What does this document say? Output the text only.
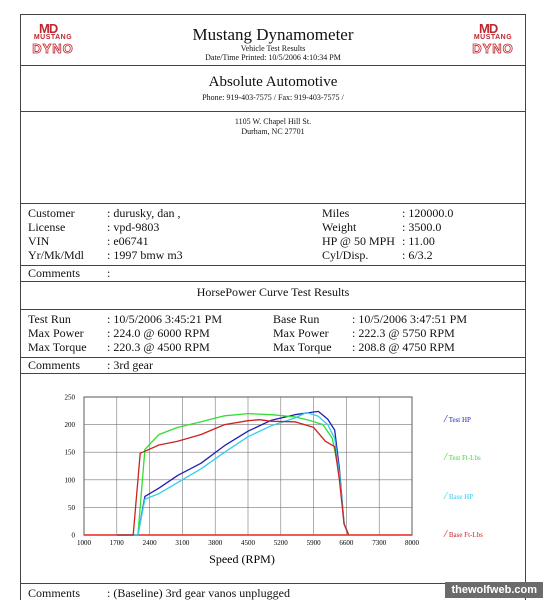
MD
MUSTANG
DYNO
MD
MUSTANG
DYNO
Mustang Dynamometer
Vehicle Test Results
Date/Time Printed: 10/5/2006 4:10:34 PM
Absolute Automotive
Phone: 919-403-7575 / Fax: 919-403-7575 /
1105 W. Chapel Hill St.
Durham, NC 27701
Customer	: durusky, dan ,
License	: vpd-9803
VIN	: e06741
Yr/Mk/Mdl : 1997 bmw m3
Miles	: 120000.0
Weight	: 3500.0
HP @ 50 MPH : 11.00
Cyl/Disp.	: 6/3.2
Comments :
HorsePower Curve Test Results
Test Run	: 10/5/2006 3:45:21 PM
Max Power : 224.0 @ 6000 RPM
Max Torque : 220.3 @ 4500 RPM
Base Run	: 10/5/2006 3:47:51 PM
Max Power : 222.3 @ 5750 RPM
Max Torque : 208.8 @ 4750 RPM
Comments : 3rd gear
1000	1700	2400	3100	3800	4500	5200	5900	6600	7300	8000
0
50
100
150
200
250
Speed (RPM)
/ Test HP
/ Test Ft-Lbs
/ Base HP
/ Base Ft-Lbs
Comments : (Baseline) 3rd gear vanos unplugged	thewolfweb.com
